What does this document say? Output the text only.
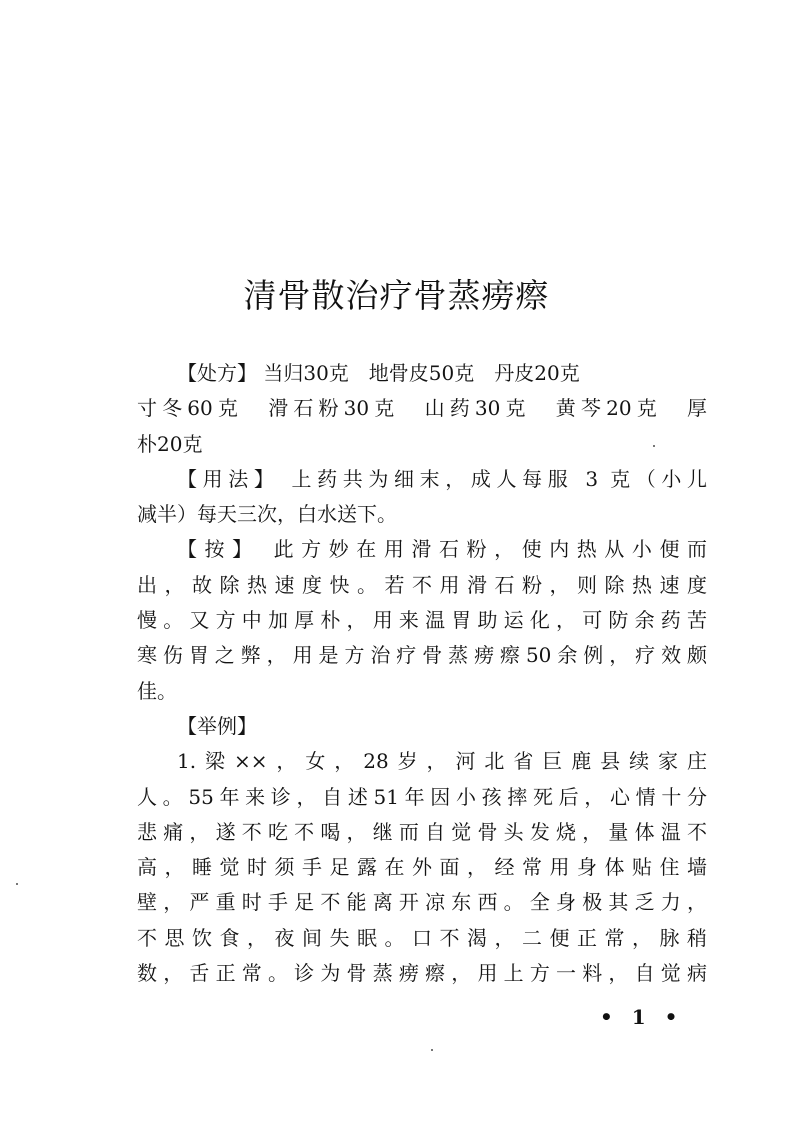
清骨散治疗骨蒸痨瘵
【处方】 当归30克　地骨皮50克　丹皮20克
寸冬60克　滑石粉30克　山药30克　黄芩20克　厚
朴20克
【用法】 上药共为细末，成人每服 3 克（小儿
减半）每天三次，白水送下。
【按】 此方妙在用滑石粉，使内热从小便而
出，故除热速度快。若不用滑石粉，则除热速度
慢。又方中加厚朴，用来温胃助运化，可防余药苦
寒伤胃之弊，用是方治疗骨蒸痨瘵50余例，疗效颇
佳。
【举例】
1.梁××，女，28岁，河北省巨鹿县续家庄
人。55年来诊，自述51年因小孩摔死后，心情十分
悲痛，遂不吃不喝，继而自觉骨头发烧，量体温不
高，睡觉时须手足露在外面，经常用身体贴住墙
壁，严重时手足不能离开凉东西。全身极其乏力，
不思饮食，夜间失眠。口不渴，二便正常，脉稍
数，舌正常。诊为骨蒸痨瘵，用上方一料，自觉病
• 1 •
